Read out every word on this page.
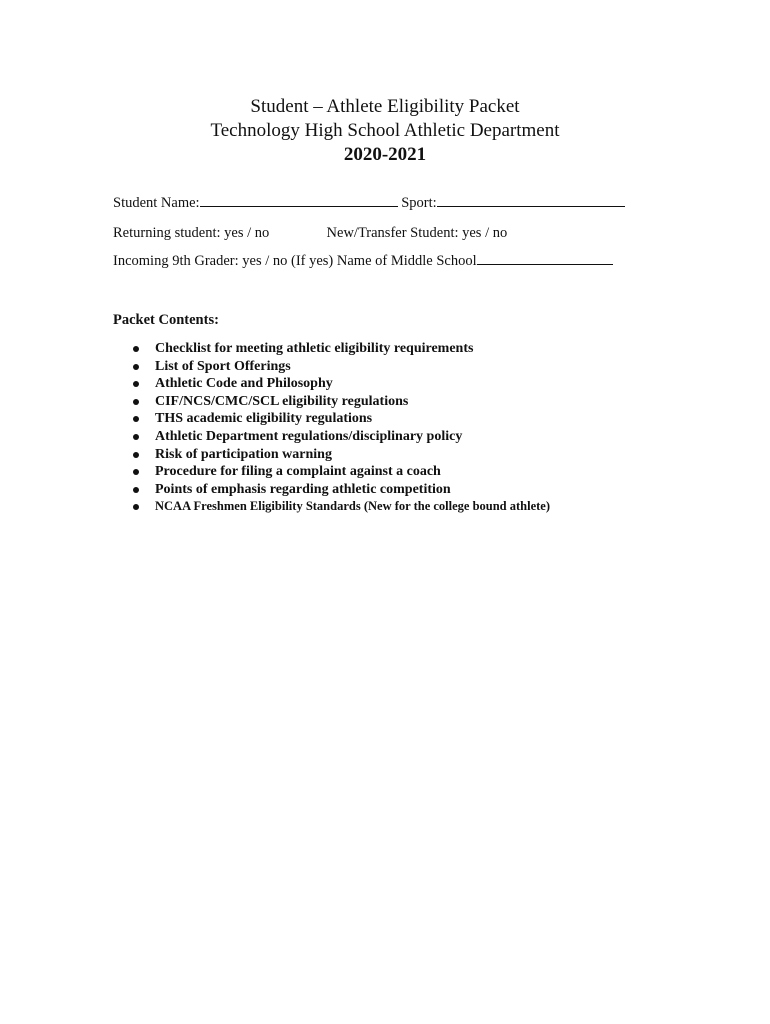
Student – Athlete Eligibility Packet
Technology High School Athletic Department
2020-2021
Student Name:	Sport:
Returning student: yes / no	New/Transfer Student: yes / no
Incoming 9th Grader: yes / no (If yes) Name of Middle School
Packet Contents:
Checklist for meeting athletic eligibility requirements
List of Sport Offerings
Athletic Code and Philosophy
CIF/NCS/CMC/SCL eligibility regulations
THS academic eligibility regulations
Athletic Department regulations/disciplinary policy
Risk of participation warning
Procedure for filing a complaint against a coach
Points of emphasis regarding athletic competition
NCAA Freshmen Eligibility Standards (New for the college bound athlete)
